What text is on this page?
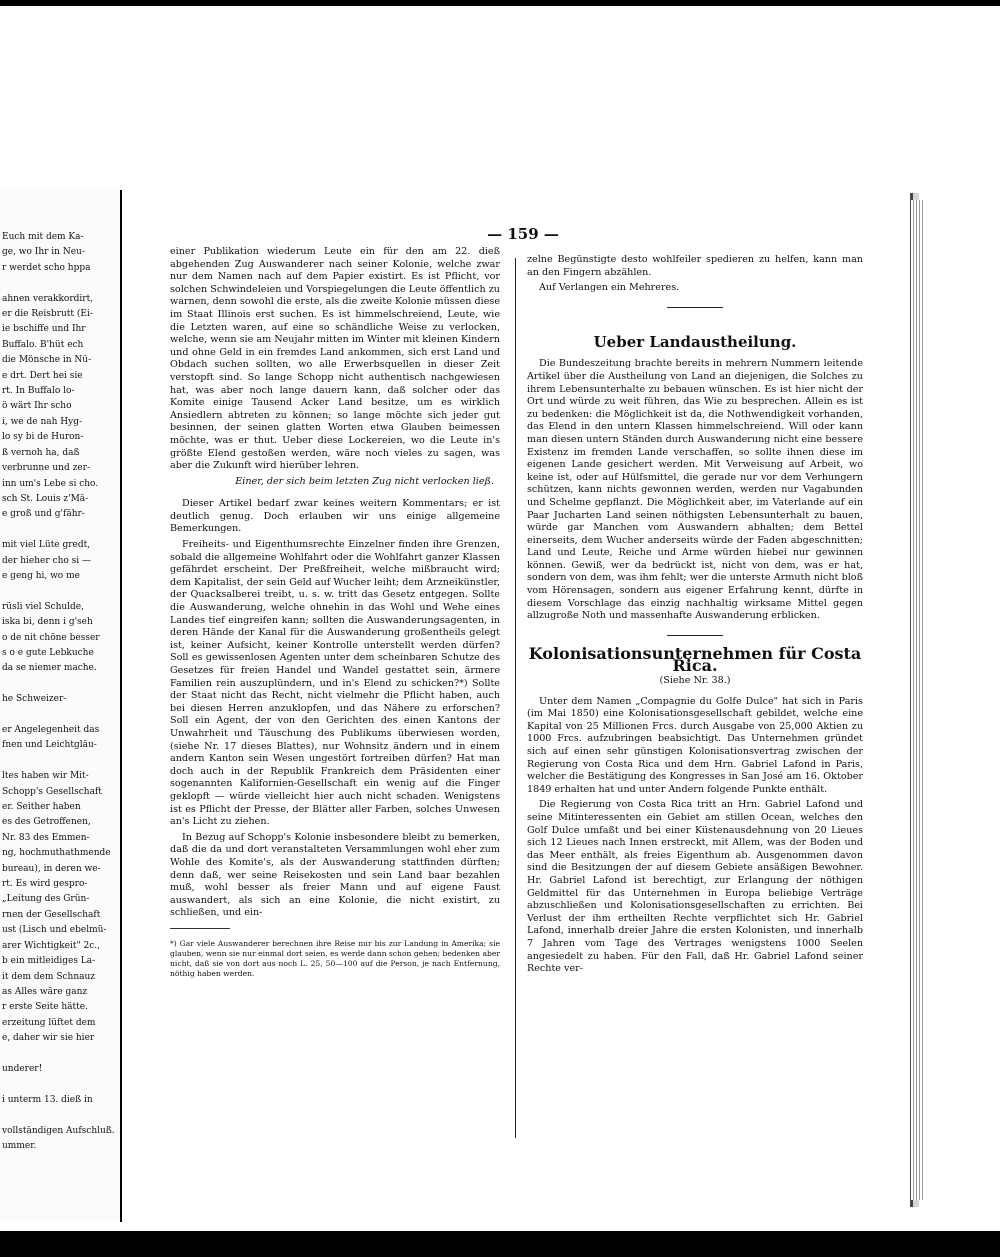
Euch mit dem Ka-
ge, wo Ihr in Neu-
r werdet scho hppa

ahnen verakkordirt,
er die Reisbrutt (Ei-
ie bschiffe und Ihr
Buffalo. B'hüt ech
die Mönsche in Nü-
e drt. Dert hei sie
rt. In Buffalo lo-
ö wärt Ihr scho
i, we de nah Hyg-
lo sy bi de Huron-
ß vernoh ha, daß
verbrunne und zer-
inn um's Lebe si cho.
sch St. Louis z'Mä-
e groß und g'fähr-

mit viel Lüte gredt,
der hieher cho si —
e geng hi, wo me

rüsli viel Schulde,
iska bi, denn i g'seh
o de nit chöne besser
s o e gute Lebkuche
da se niemer mache.

he Schweizer-

er Angelegenheit das
fnen und Leichtgläu-

ltes haben wir Mit-
Schopp's Gesellschaft
er. Seither haben
es des Getroffenen,
Nr. 83 des Emmen-
ng, hochmuthathmende
bureau), in deren we-
rt. Es wird gespro-
„Leitung des Grün-
rnen der Gesellschaft
ust (Lisch und ebelmü-
arer Wichtigkeit" 2c.,
b ein mitleidiges La-
it dem dem Schnauz
as Alles wäre ganz
r erste Seite hätte.
erzeitung lüftet dem
e, daher wir sie hier

underer!

i unterm 13. dieß in

vollständigen Aufschluß.
ummer.
— 159 —

einer Publikation wiederum Leute ein für den am 22. dieß abgehenden Zug Auswanderer nach seiner Kolonie, welche zwar nur dem Namen nach auf dem Papier existirt. Es ist Pflicht, vor solchen Schwindeleien und Vorspiegelungen die Leute öffentlich zu warnen, denn sowohl die erste, als die zweite Kolonie müssen diese im Staat Illinois erst suchen. Es ist himmelschreiend, Leute, wie die Letzten waren, auf eine so schändliche Weise zu verlocken, welche, wenn sie am Neujahr mitten im Winter mit kleinen Kindern und ohne Geld in ein fremdes Land ankommen, sich erst Land und Obdach suchen sollten, wo alle Erwerbsquellen in dieser Zeit verstopft sind. So lange Schopp nicht authentisch nachgewiesen hat, was aber noch lange dauern kann, daß solcher oder das Komite einige Tausend Acker Land besitze, um es wirklich Ansiedlern abtreten zu können; so lange möchte sich jeder gut besinnen, der seinen glatten Worten etwa Glauben beimessen möchte, was er thut. Ueber diese Lockereien, wo die Leute in's größte Elend gestoßen werden, wäre noch vieles zu sagen, was aber die Zukunft wird hierüber lehren.

Einer, der sich beim letzten Zug nicht verlocken ließ.

Dieser Artikel bedarf zwar keines weitern Kommentars; er ist deutlich genug. Doch erlauben wir uns einige allgemeine Bemerkungen.

Freiheits- und Eigenthumsrechte Einzelner finden ihre Grenzen, sobald die allgemeine Wohlfahrt oder die Wohlfahrt ganzer Klassen gefährdet erscheint. Der Preßfreiheit, welche mißbraucht wird; dem Kapitalist, der sein Geld auf Wucher leiht; dem Arzneikünstler, der Quacksalberei treibt, u. s. w. tritt das Gesetz entgegen. Sollte die Auswanderung, welche ohnehin in das Wohl und Wehe eines Landes tief eingreifen kann; sollten die Auswanderungsagenten, in deren Hände der Kanal für die Auswanderung großentheils gelegt ist, keiner Aufsicht, keiner Kontrolle unterstellt werden dürfen? Soll es gewissenlosen Agenten unter dem scheinbaren Schutze des Gesetzes für freien Handel und Wandel gestattet sein, ärmere Familien rein auszuplündern, und in's Elend zu schicken?*) Sollte der Staat nicht das Recht, nicht vielmehr die Pflicht haben, auch bei diesen Herren anzuklopfen, und das Nähere zu erforschen? Soll ein Agent, der von den Gerichten des einen Kantons der Unwahrheit und Täuschung des Publikums überwiesen worden, (siehe Nr. 17 dieses Blattes), nur Wohnsitz ändern und in einem andern Kanton sein Wesen ungestört fortreiben dürfen? Hat man doch auch in der Republik Frankreich dem Präsidenten einer sogenannten Kalifornien-Gesellschaft ein wenig auf die Finger geklopft — würde vielleicht hier auch nicht schaden. Wenigstens ist es Pflicht der Presse, der Blätter aller Farben, solches Unwesen an's Licht zu ziehen.

In Bezug auf Schopp's Kolonie insbesondere bleibt zu bemerken, daß die da und dort veranstalteten Versammlungen wohl eher zum Wohle des Komite's, als der Auswanderung stattfinden dürften; denn daß, wer seine Reisekosten und sein Land baar bezahlen muß, wohl besser als freier Mann und auf eigene Faust auswandert, als sich an eine Kolonie, die nicht existirt, zu schließen, und ein-

*) Gar viele Auswanderer berechnen ihre Reise nur bis zur Landung in Amerika; sie glauben, wenn sie nur einmal dort seien, es werde dann schon gehen; bedenken aber nicht, daß sie von dort aus noch L. 25, 50—100 auf die Person, je nach Entfernung, nöthig haben werden.

zelne Begünstigte desto wohlfeiler spedieren zu helfen, kann man an den Fingern abzählen.

Auf Verlangen ein Mehreres.

Ueber Landaustheilung.

Die Bundeszeitung brachte bereits in mehrern Nummern leitende Artikel über die Austheilung von Land an diejenigen, die Solches zu ihrem Lebensunterhalte zu bebauen wünschen. Es ist hier nicht der Ort und würde zu weit führen, das Wie zu besprechen. Allein es ist zu bedenken: die Möglichkeit ist da, die Nothwendigkeit vorhanden, das Elend in den untern Klassen himmelschreiend. Will oder kann man diesen untern Ständen durch Auswanderung nicht eine bessere Existenz im fremden Lande verschaffen, so sollte ihnen diese im eigenen Lande gesichert werden. Mit Verweisung auf Arbeit, wo keine ist, oder auf Hülfsmittel, die gerade nur vor dem Verhungern schützen, kann nichts gewonnen werden, werden nur Vagabunden und Schelme gepflanzt. Die Möglichkeit aber, im Vaterlande auf ein Paar Jucharten Land seinen nöthigsten Lebensunterhalt zu bauen, würde gar Manchen vom Auswandern abhalten; dem Bettel einerseits, dem Wucher anderseits würde der Faden abgeschnitten; Land und Leute, Reiche und Arme würden hiebei nur gewinnen können. Gewiß, wer da bedrückt ist, nicht von dem, was er hat, sondern von dem, was ihm fehlt; wer die unterste Armuth nicht bloß vom Hörensagen, sondern aus eigener Erfahrung kennt, dürfte in diesem Vorschlage das einzig nachhaltig wirksame Mittel gegen allzugroße Noth und massenhafte Auswanderung erblicken.

Kolonisationsunternehmen für Costa Rica.
(Siehe Nr. 38.)

Unter dem Namen „Compagnie du Golfe Dulce" hat sich in Paris (im Mai 1850) eine Kolonisationsgesellschaft gebildet, welche eine Kapital von 25 Millionen Frcs. durch Ausgabe von 25,000 Aktien zu 1000 Frcs. aufzubringen beabsichtigt. Das Unternehmen gründet sich auf einen sehr günstigen Kolonisationsvertrag zwischen der Regierung von Costa Rica und dem Hrn. Gabriel Lafond in Paris, welcher die Bestätigung des Kongresses in San José am 16. Oktober 1849 erhalten hat und unter Andern folgende Punkte enthält.

Die Regierung von Costa Rica tritt an Hrn. Gabriel Lafond und seine Mitinteressenten ein Gebiet am stillen Ocean, welches den Golf Dulce umfaßt und bei einer Küstenausdehnung von 20 Lieues sich 12 Lieues nach Innen erstreckt, mit Allem, was der Boden und das Meer enthält, als freies Eigenthum ab. Ausgenommen davon sind die Besitzungen der auf diesem Gebiete ansäßigen Bewohner. Hr. Gabriel Lafond ist berechtigt, zur Erlangung der nöthigen Geldmittel für das Unternehmen in Europa beliebige Verträge abzuschließen und Kolonisationsgesellschaften zu errichten. Bei Verlust der ihm ertheilten Rechte verpflichtet sich Hr. Gabriel Lafond, innerhalb dreier Jahre die ersten Kolonisten, und innerhalb 7 Jahren vom Tage des Vertrages wenigstens 1000 Seelen angesiedelt zu haben. Für den Fall, daß Hr. Gabriel Lafond seiner Rechte ver-
